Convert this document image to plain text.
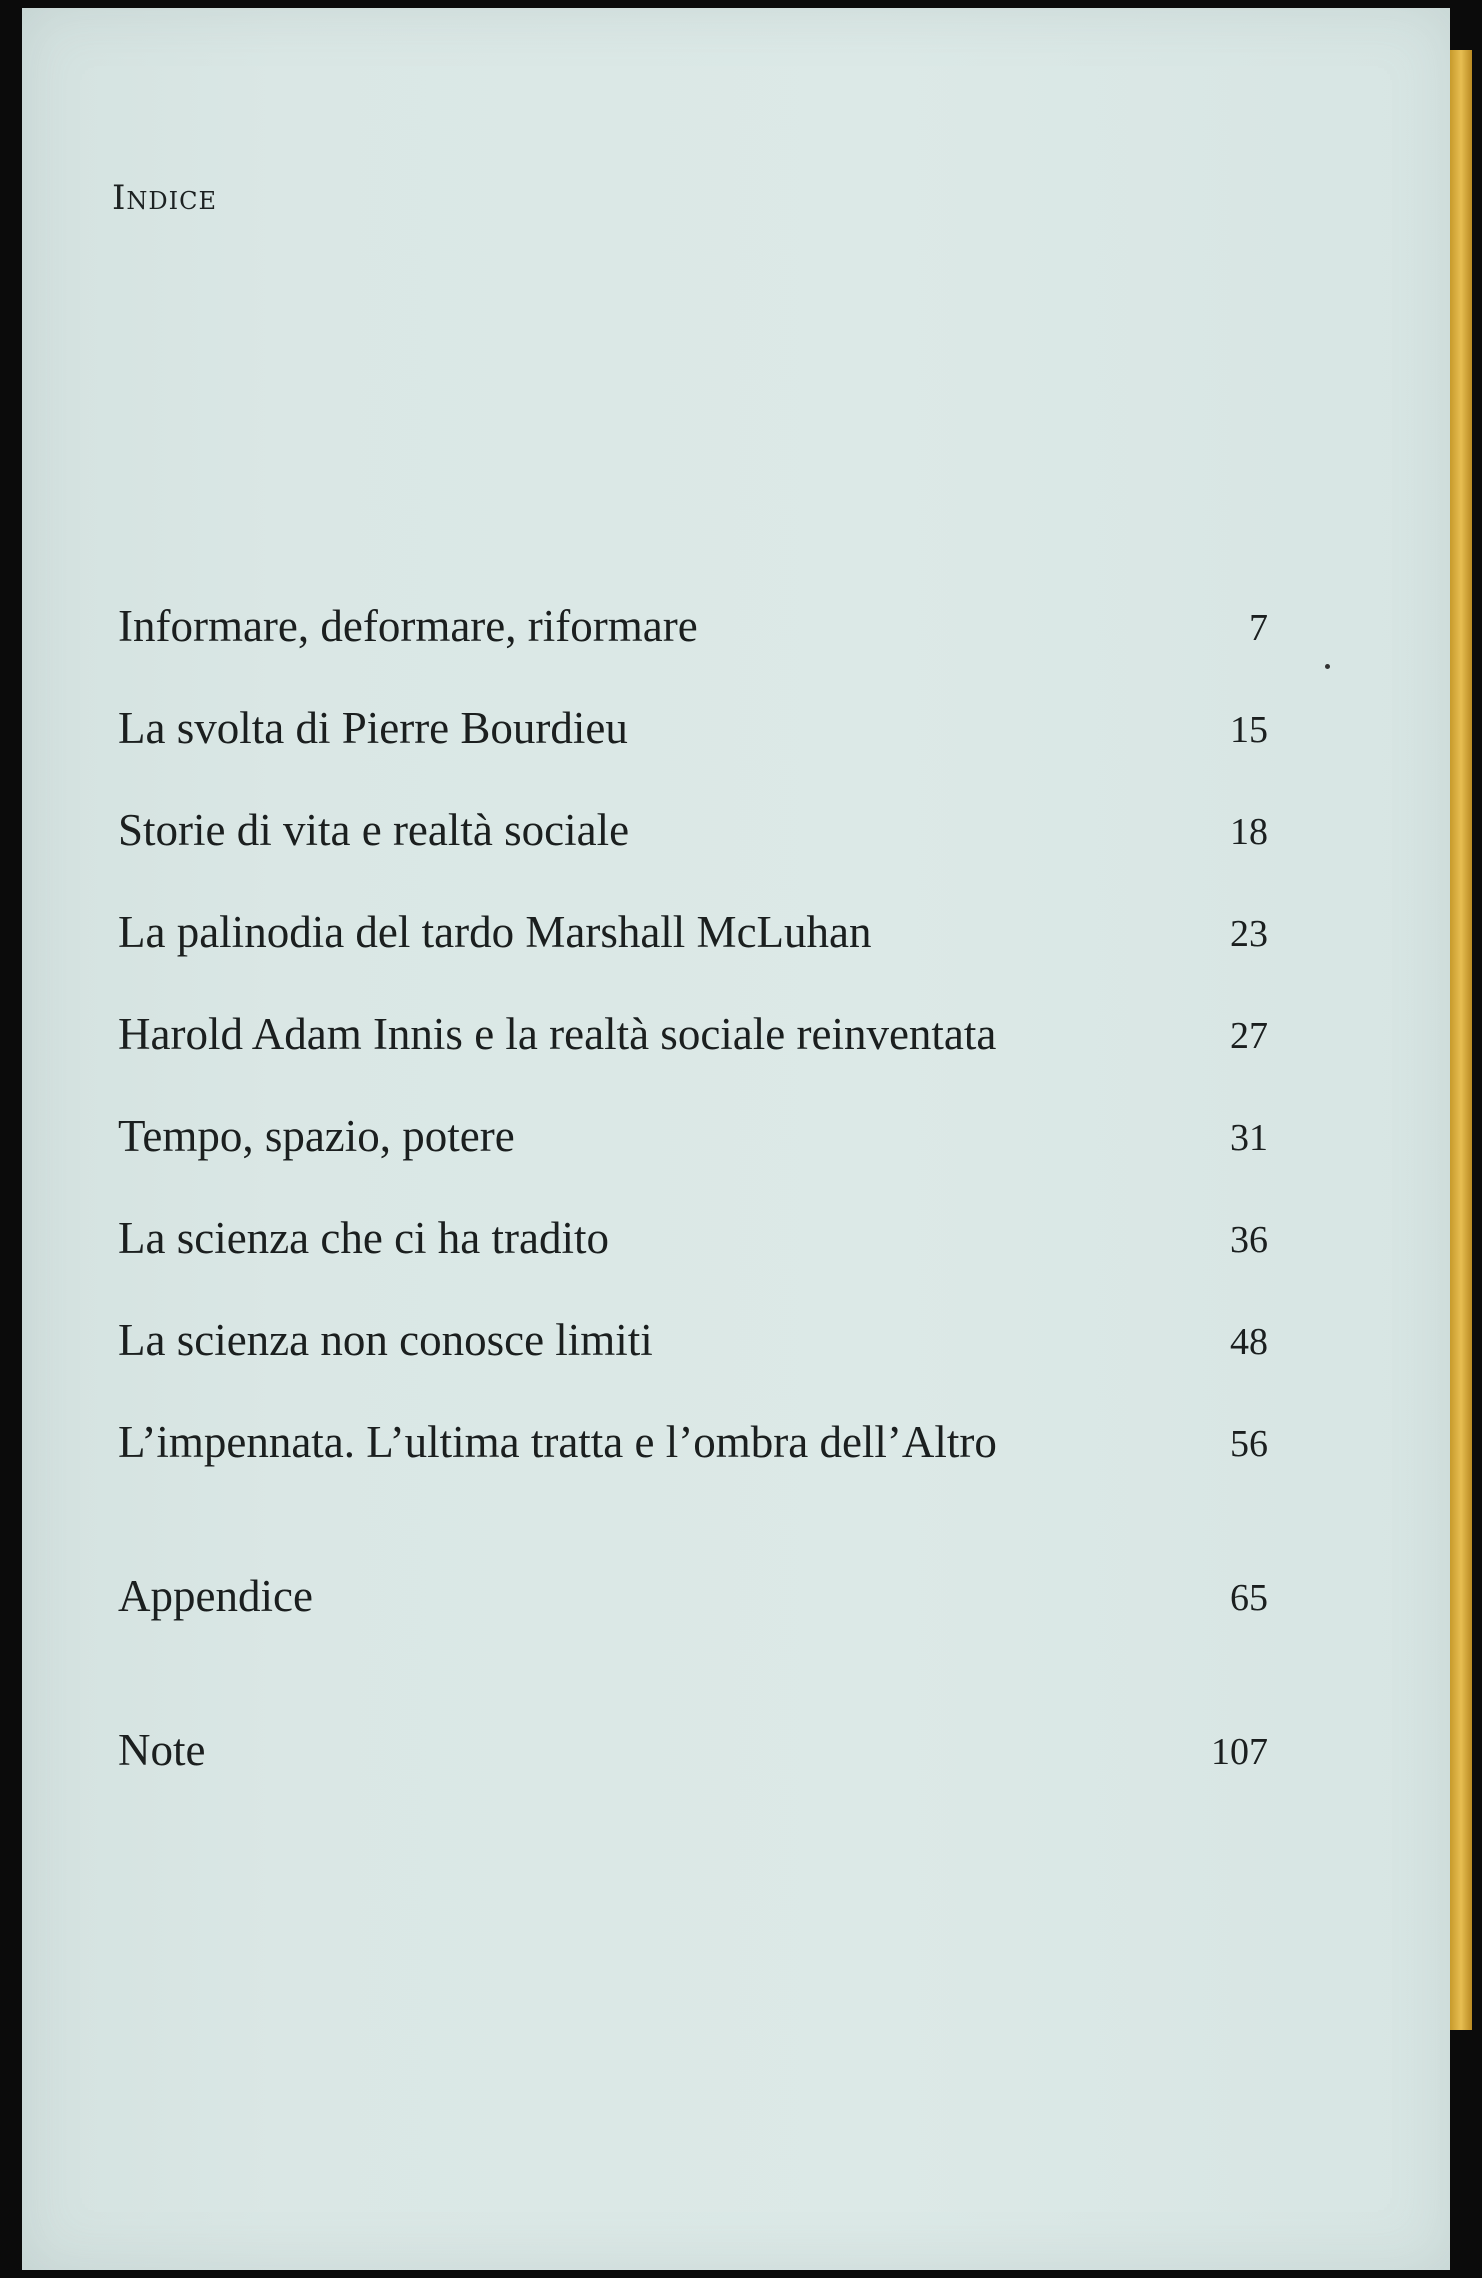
Indice
Informare, deformare, riformare	7
La svolta di Pierre Bourdieu	15
Storie di vita e realtà sociale	18
La palinodia del tardo Marshall McLuhan	23
Harold Adam Innis e la realtà sociale reinventata	27
Tempo, spazio, potere	31
La scienza che ci ha tradito	36
La scienza non conosce limiti	48
L’impennata. L’ultima tratta e l’ombra dell’Altro	56
Appendice	65
Note	107
